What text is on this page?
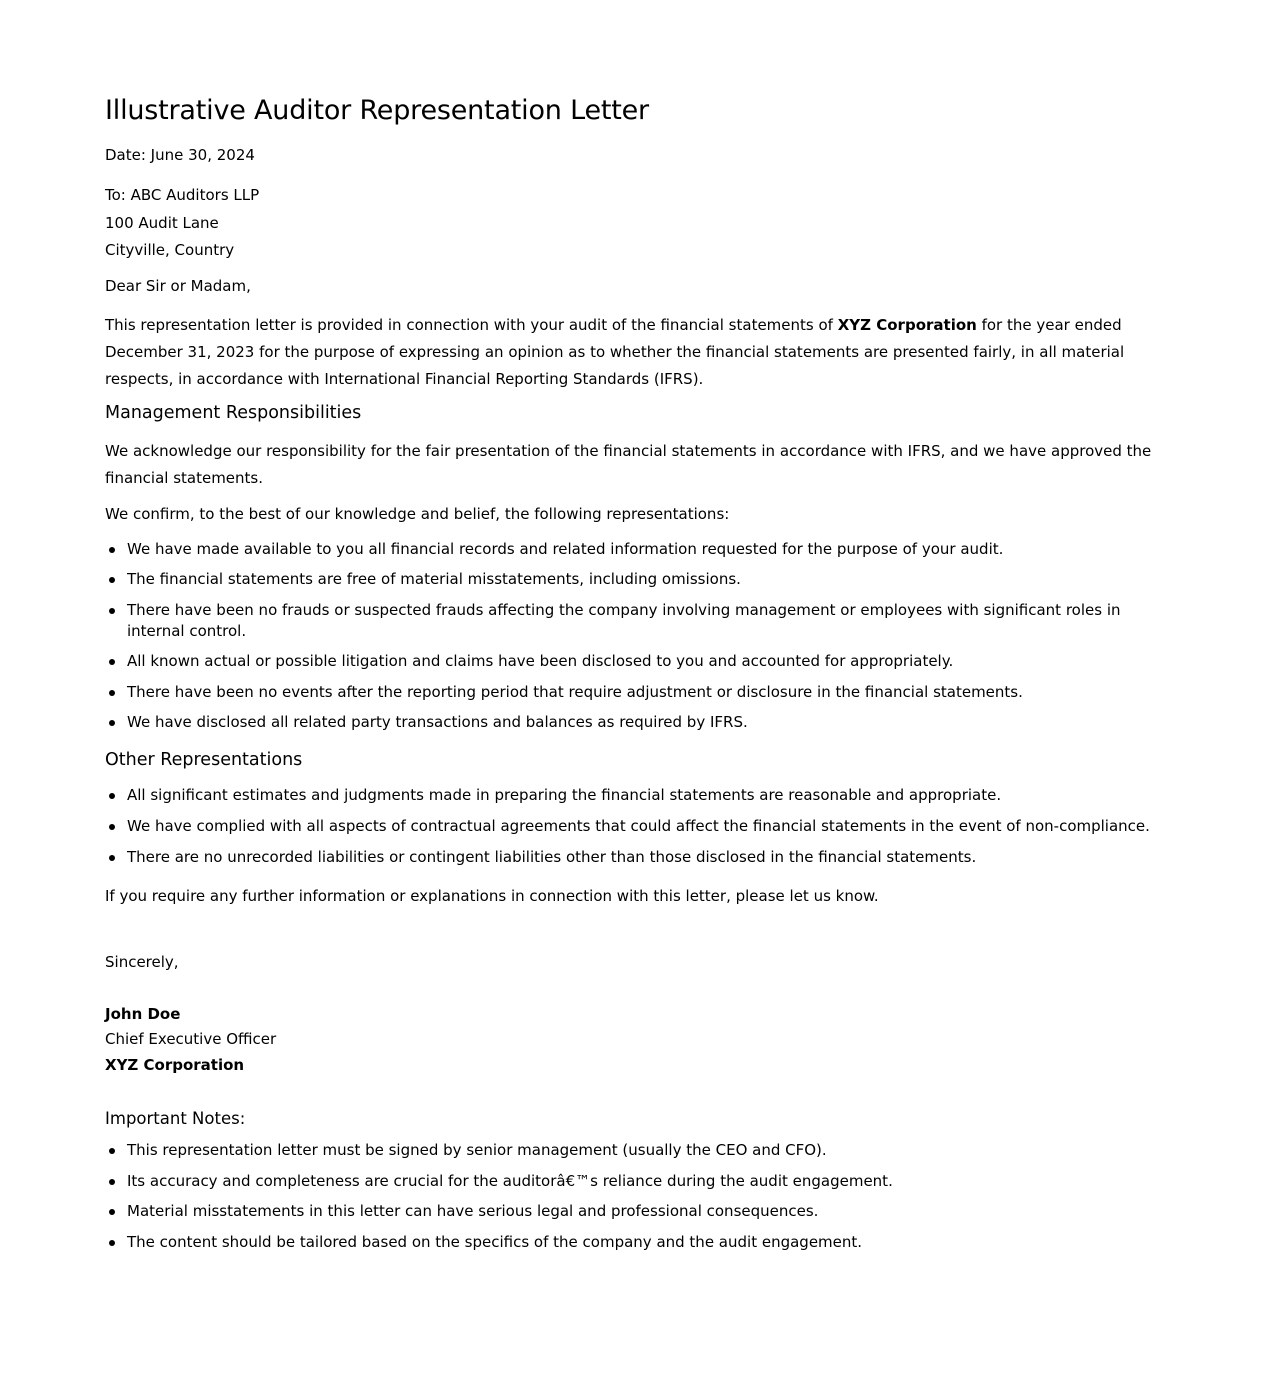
Illustrative Auditor Representation Letter

Date: June 30, 2024

To: ABC Auditors LLP
100 Audit Lane
Cityville, Country

Dear Sir or Madam,

This representation letter is provided in connection with your audit of the financial statements of XYZ Corporation for the year ended December 31, 2023 for the purpose of expressing an opinion as to whether the financial statements are presented fairly, in all material respects, in accordance with International Financial Reporting Standards (IFRS).

Management Responsibilities

We acknowledge our responsibility for the fair presentation of the financial statements in accordance with IFRS, and we have approved the financial statements.

We confirm, to the best of our knowledge and belief, the following representations:

We have made available to you all financial records and related information requested for the purpose of your audit.
The financial statements are free of material misstatements, including omissions.
There have been no frauds or suspected frauds affecting the company involving management or employees with significant roles in internal control.
All known actual or possible litigation and claims have been disclosed to you and accounted for appropriately.
There have been no events after the reporting period that require adjustment or disclosure in the financial statements.
We have disclosed all related party transactions and balances as required by IFRS.
Other Representations
All significant estimates and judgments made in preparing the financial statements are reasonable and appropriate.
We have complied with all aspects of contractual agreements that could affect the financial statements in the event of non-compliance.
There are no unrecorded liabilities or contingent liabilities other than those disclosed in the financial statements.

If you require any further information or explanations in connection with this letter, please let us know.

Sincerely,

John Doe
Chief Executive Officer
XYZ Corporation
Important Notes:
This representation letter must be signed by senior management (usually the CEO and CFO).
Its accuracy and completeness are crucial for the auditorâ€™s reliance during the audit engagement.
Material misstatements in this letter can have serious legal and professional consequences.
The content should be tailored based on the specifics of the company and the audit engagement.
